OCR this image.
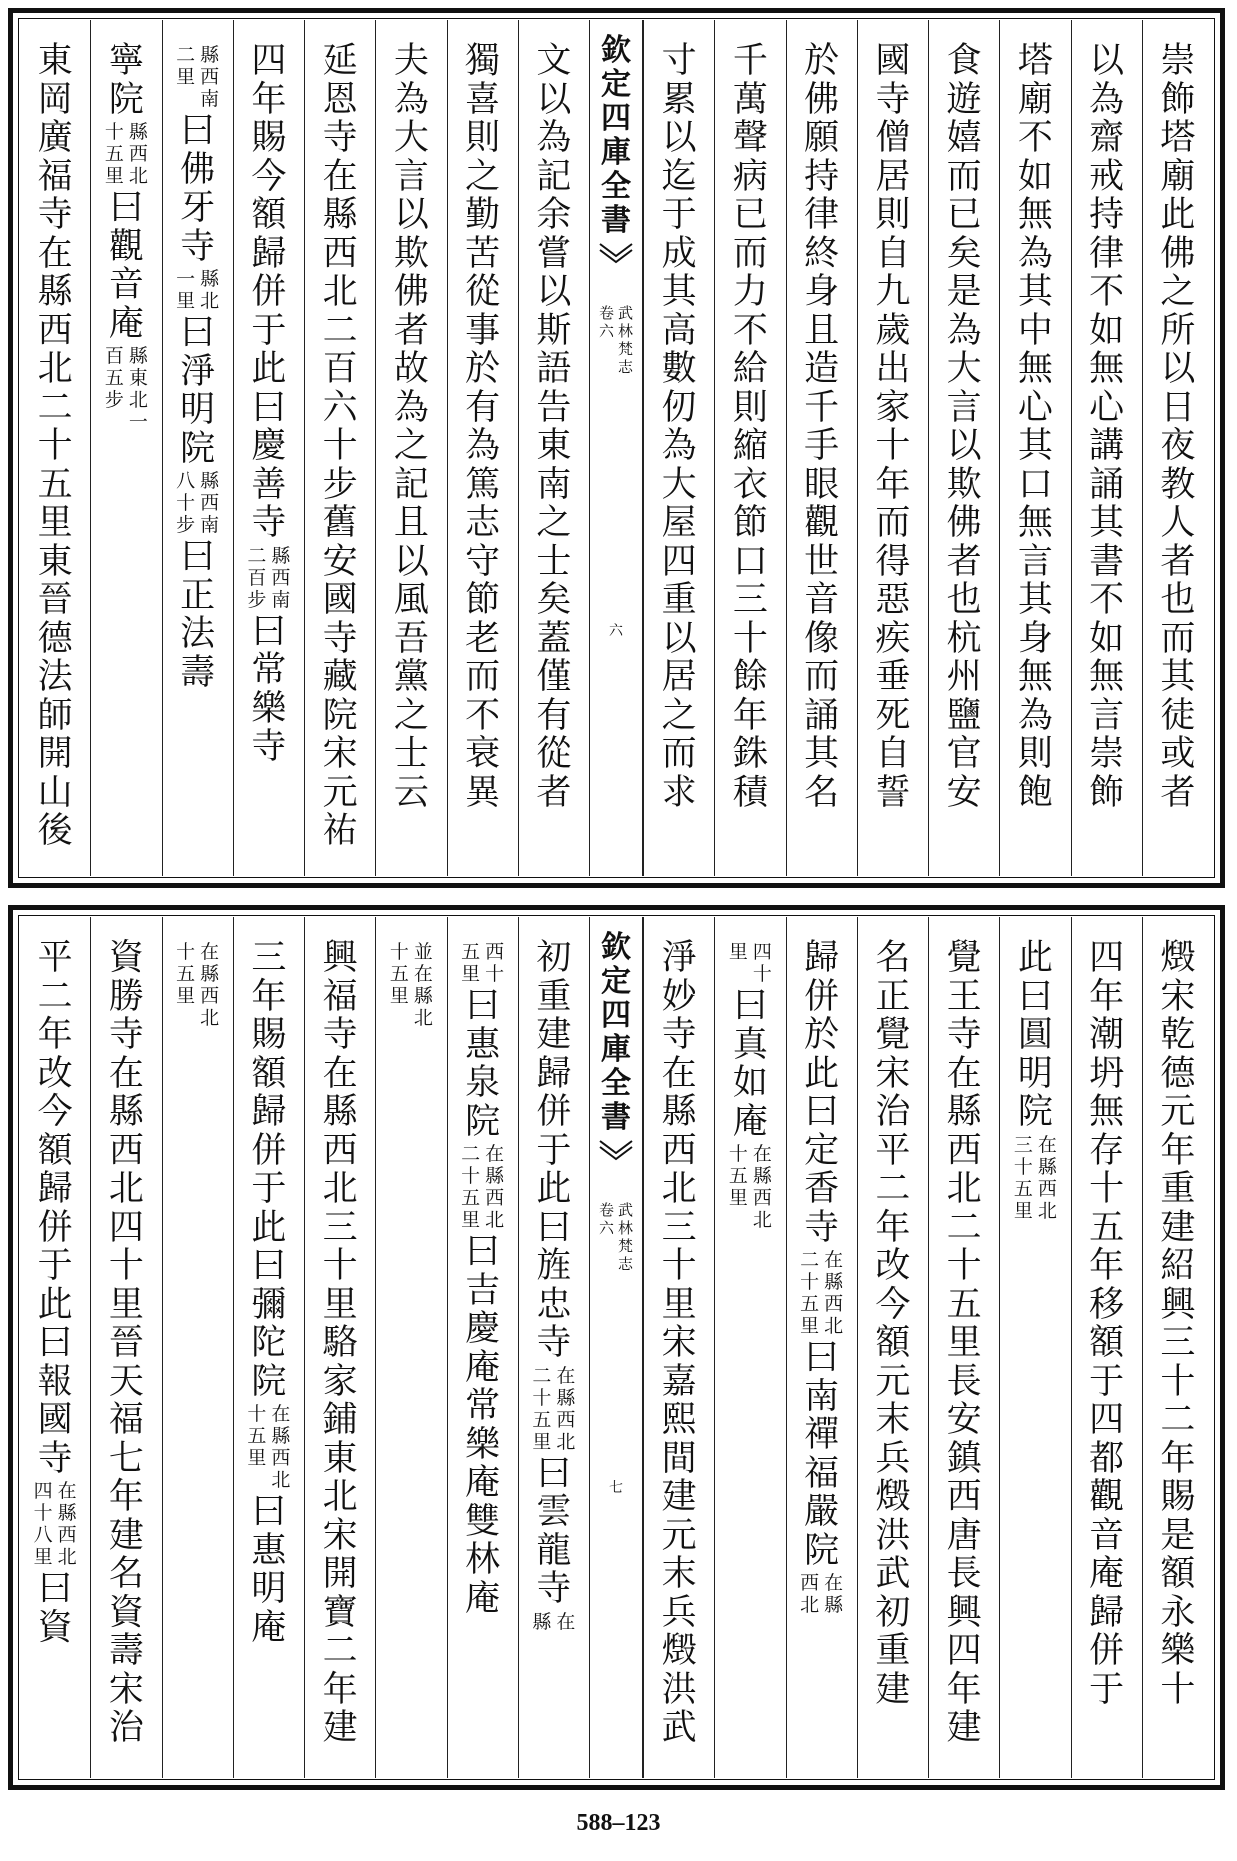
崇
飾
塔
廟
此
佛
之
所
以
日
夜
教
人
者
也
而
其
徒
或
者
以
為
齋
戒
持
律
不
如
無
心
講
誦
其
書
不
如
無
言
崇
飾
塔
廟
不
如
無
為
其
中
無
心
其
口
無
言
其
身
無
為
則
飽
食
遊
嬉
而
已
矣
是
為
大
言
以
欺
佛
者
也
杭
州
鹽
官
安
國
寺
僧
居
則
自
九
歲
出
家
十
年
而
得
惡
疾
垂
死
自
誓
於
佛
願
持
律
終
身
且
造
千
手
眼
觀
世
音
像
而
誦
其
名
千
萬
聲
病
已
而
力
不
給
則
縮
衣
節
口
三
十
餘
年
銖
積
寸
累
以
迄
于
成
其
高
數
仞
為
大
屋
四
重
以
居
之
而
求
欽
定
四
庫
全
書
武
林
梵
志
卷
六
六
文
以
為
記
余
嘗
以
斯
語
告
東
南
之
士
矣
蓋
僅
有
從
者
獨
喜
則
之
勤
苦
從
事
於
有
為
篤
志
守
節
老
而
不
衰
異
夫
為
大
言
以
欺
佛
者
故
為
之
記
且
以
風
吾
黨
之
士
云
延
恩
寺
在
縣
西
北
二
百
六
十
步
舊
安
國
寺
藏
院
宋
元
祐
四
年
賜
今
額
歸
併
于
此
曰
慶
善
寺
縣
西
南
二
百
步
曰
常
樂
寺
縣
西
南
二
里
曰
佛
牙
寺
縣
北
一
里
曰
淨
明
院
縣
西
南
八
十
步
曰
正
法
壽
寧
院
縣
西
北
十
五
里
曰
觀
音
庵
縣
東
北
一
百
五
步
東
岡
廣
福
寺
在
縣
西
北
二
十
五
里
東
晉
德
法
師
開
山
後
燬
宋
乾
德
元
年
重
建
紹
興
三
十
二
年
賜
是
額
永
樂
十
四
年
潮
坍
無
存
十
五
年
移
額
于
四
都
觀
音
庵
歸
併
于
此
曰
圓
明
院
在
縣
西
北
三
十
五
里
覺
王
寺
在
縣
西
北
二
十
五
里
長
安
鎮
西
唐
長
興
四
年
建
名
正
覺
宋
治
平
二
年
改
今
額
元
末
兵
燬
洪
武
初
重
建
歸
併
於
此
曰
定
香
寺
在
縣
西
北
二
十
五
里
曰
南
禪
福
嚴
院
在
縣
西
北
四
十
里
曰
真
如
庵
在
縣
西
北
十
五
里
淨
妙
寺
在
縣
西
北
三
十
里
宋
嘉
熙
間
建
元
末
兵
燬
洪
武
欽
定
四
庫
全
書
武
林
梵
志
卷
六
七
初
重
建
歸
併
于
此
曰
旌
忠
寺
在
縣
西
北
二
十
五
里
曰
雲
龍
寺
在
縣
西
十
五
里
曰
惠
泉
院
在
縣
西
北
二
十
五
里
曰
吉
慶
庵
常
樂
庵
雙
林
庵
並
在
縣
北
十
五
里
興
福
寺
在
縣
西
北
三
十
里
駱
家
鋪
東
北
宋
開
寶
二
年
建
三
年
賜
額
歸
併
于
此
曰
彌
陀
院
在
縣
西
北
十
五
里
曰
惠
明
庵
在
縣
西
北
十
五
里
資
勝
寺
在
縣
西
北
四
十
里
晉
天
福
七
年
建
名
資
壽
宋
治
平
二
年
改
今
額
歸
併
于
此
曰
報
國
寺
在
縣
西
北
四
十
八
里
曰
資
588–123
